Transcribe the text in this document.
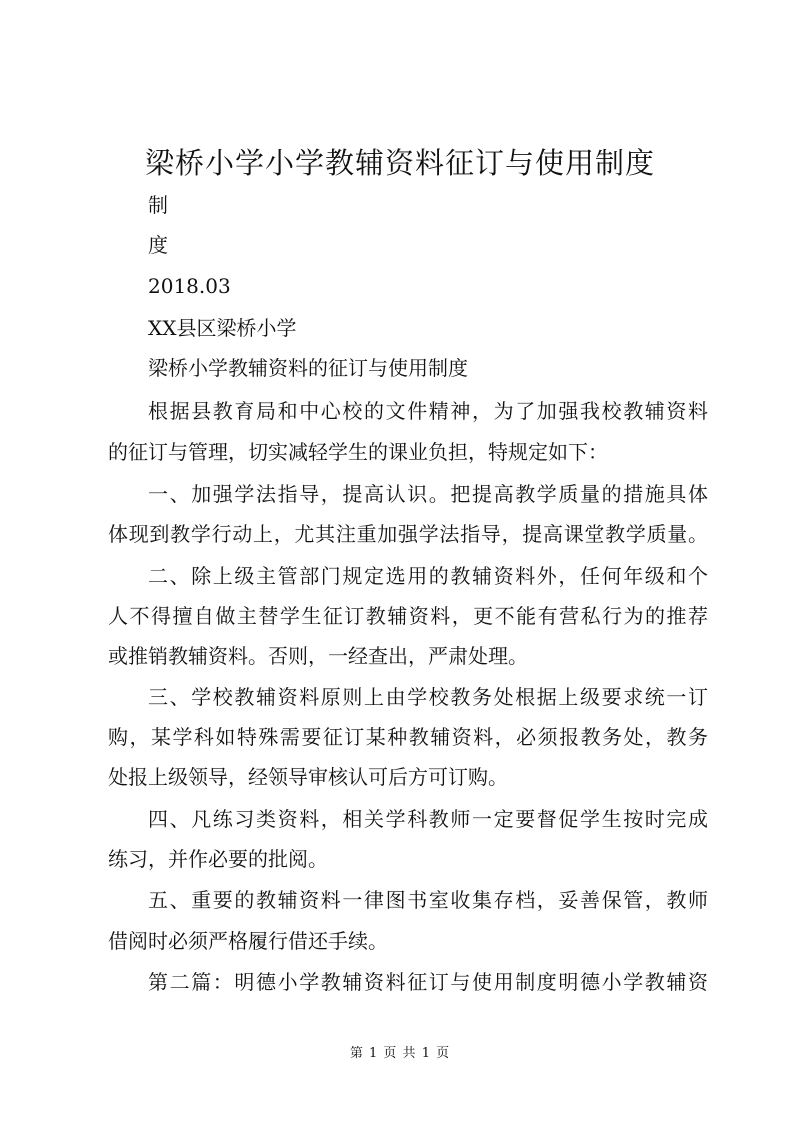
梁桥小学小学教辅资料征订与使用制度
制
度
2018.03
XX县区梁桥小学
梁桥小学教辅资料的征订与使用制度
根据县教育局和中心校的文件精神，为了加强我校教辅资料
的征订与管理，切实减轻学生的课业负担，特规定如下：
一、加强学法指导，提高认识。把提高教学质量的措施具体
体现到教学行动上，尤其注重加强学法指导，提高课堂教学质量。
二、除上级主管部门规定选用的教辅资料外，任何年级和个
人不得擅自做主替学生征订教辅资料，更不能有营私行为的推荐
或推销教辅资料。否则，一经查出，严肃处理。
三、学校教辅资料原则上由学校教务处根据上级要求统一订
购，某学科如特殊需要征订某种教辅资料，必须报教务处，教务
处报上级领导，经领导审核认可后方可订购。
四、凡练习类资料，相关学科教师一定要督促学生按时完成
练习，并作必要的批阅。
五、重要的教辅资料一律图书室收集存档，妥善保管，教师
借阅时必须严格履行借还手续。
第二篇：明德小学教辅资料征订与使用制度明德小学教辅资
第 1 页 共 1 页
